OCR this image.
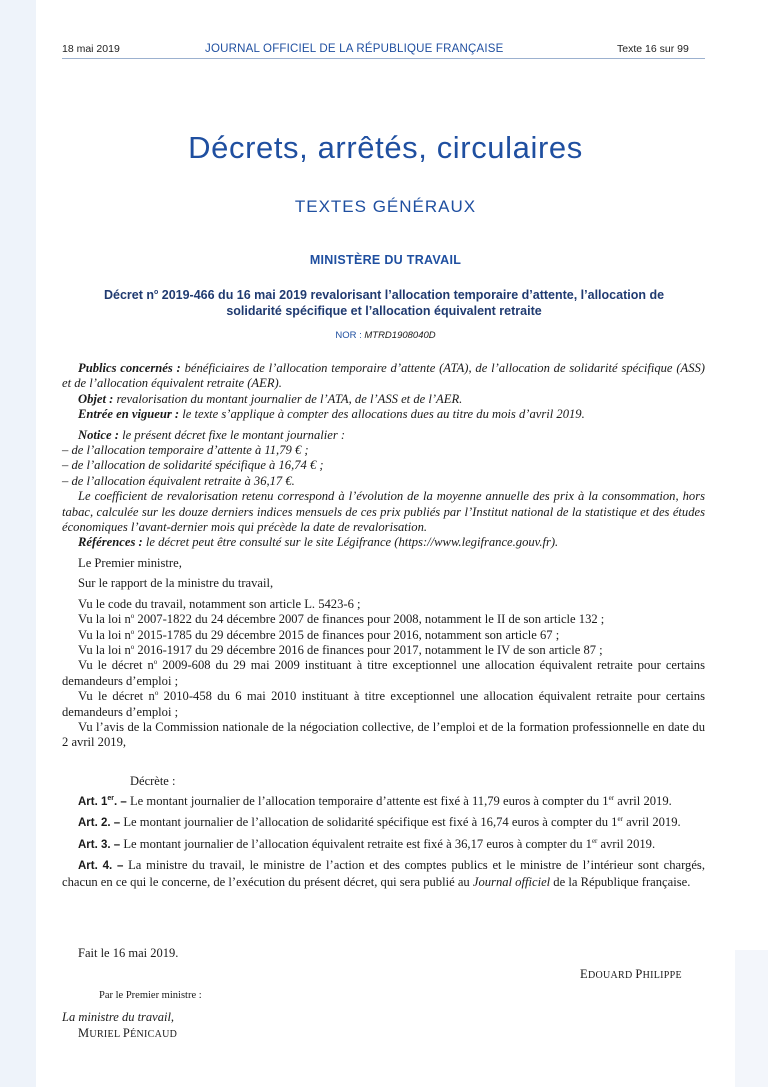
18 mai 2019	JOURNAL OFFICIEL DE LA RÉPUBLIQUE FRANÇAISE	Texte 16 sur 99
Décrets, arrêtés, circulaires
TEXTES GÉNÉRAUX
MINISTÈRE DU TRAVAIL
Décret $n^o$ 2019-466 du 16 mai 2019 revalorisant l’allocation temporaire d’attente, l’allocation de solidarité spécifique et l’allocation équivalent retraite
NOR : MTRD1908040D

Publics concernés : bénéficiaires de l’allocation temporaire d’attente (ATA), de l’allocation de solidarité spécifique (ASS) et de l’allocation équivalent retraite (AER).

Objet : revalorisation du montant journalier de l’ATA, de l’ASS et de l’AER.

Entrée en vigueur : le texte s’applique à compter des allocations dues au titre du mois d’avril 2019.

Notice : le présent décret fixe le montant journalier :

– de l’allocation temporaire d’attente à 11,79 € ;

– de l’allocation de solidarité spécifique à 16,74 € ;

– de l’allocation équivalent retraite à 36,17 €.

Le coefficient de revalorisation retenu correspond à l’évolution de la moyenne annuelle des prix à la consommation, hors tabac, calculée sur les douze derniers indices mensuels de ces prix publiés par l’Institut national de la statistique et des études économiques l’avant-dernier mois qui précède la date de revalorisation.

Références : le décret peut être consulté sur le site Légifrance (https://www.legifrance.gouv.fr).

Le Premier ministre,

Sur le rapport de la ministre du travail,

Vu le code du travail, notamment son article L. 5423-6 ;

Vu la loi $n^o$ 2007-1822 du 24 décembre 2007 de finances pour 2008, notamment le II de son article 132 ;

Vu la loi $n^o$ 2015-1785 du 29 décembre 2015 de finances pour 2016, notamment son article 67 ;

Vu la loi $n^o$ 2016-1917 du 29 décembre 2016 de finances pour 2017, notamment le IV de son article 87 ;

Vu le décret $n^o$ 2009-608 du 29 mai 2009 instituant à titre exceptionnel une allocation équivalent retraite pour certains demandeurs d’emploi ;

Vu le décret $n^o$ 2010-458 du 6 mai 2010 instituant à titre exceptionnel une allocation équivalent retraite pour certains demandeurs d’emploi ;

Vu l’avis de la Commission nationale de la négociation collective, de l’emploi et de la formation professionnelle en date du 2 avril 2019,

Décrète :

Art. 1er. – Le montant journalier de l’allocation temporaire d’attente est fixé à 11,79 euros à compter du 1er avril 2019.

Art. 2. – Le montant journalier de l’allocation de solidarité spécifique est fixé à 16,74 euros à compter du 1er avril 2019.

Art. 3. – Le montant journalier de l’allocation équivalent retraite est fixé à 36,17 euros à compter du 1er avril 2019.

Art. 4. – La ministre du travail, le ministre de l’action et des comptes publics et le ministre de l’intérieur sont chargés, chacun en ce qui le concerne, de l’exécution du présent décret, qui sera publié au Journal officiel de la République française.

Fait le 16 mai 2019.
EDOUARD PHILIPPE
Par le Premier ministre :
La ministre du travail,
MURIEL PÉNICAUD
